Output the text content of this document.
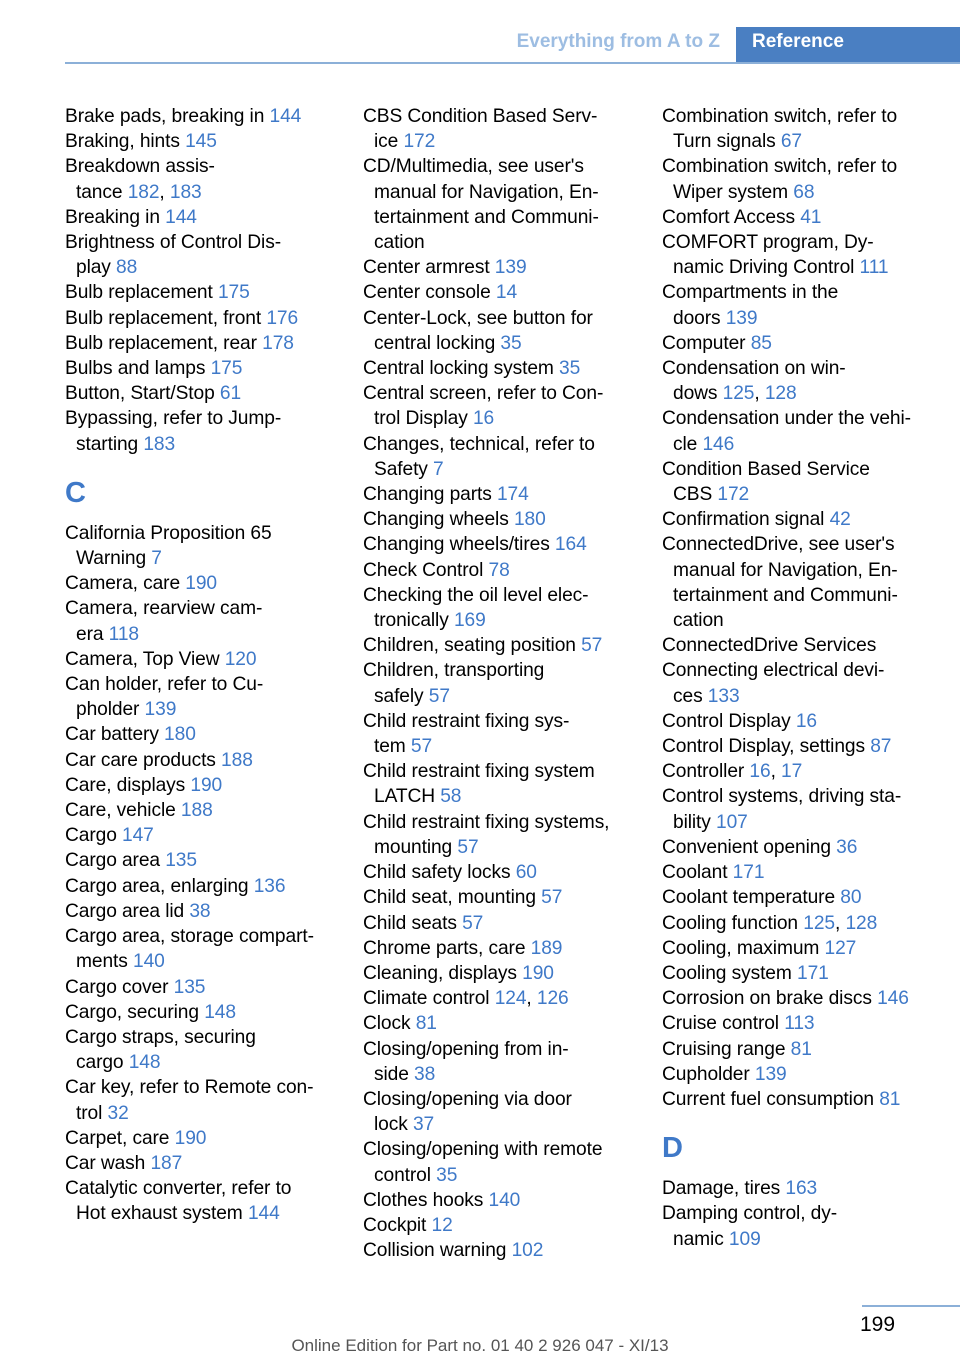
Everything from A to Z	Reference
Brake pads, breaking in 144
Braking, hints 145
Breakdown assis-
tance 182, 183
Breaking in 144
Brightness of Control Dis-
play 88
Bulb replacement 175
Bulb replacement, front 176
Bulb replacement, rear 178
Bulbs and lamps 175
Button, Start/Stop 61
Bypassing, refer to Jump-
starting 183
C
California Proposition 65
Warning 7
Camera, care 190
Camera, rearview cam-
era 118
Camera, Top View 120
Can holder, refer to Cu-
pholder 139
Car battery 180
Car care products 188
Care, displays 190
Care, vehicle 188
Cargo 147
Cargo area 135
Cargo area, enlarging 136
Cargo area lid 38
Cargo area, storage compart-
ments 140
Cargo cover 135
Cargo, securing 148
Cargo straps, securing
cargo 148
Car key, refer to Remote con-
trol 32
Carpet, care 190
Car wash 187
Catalytic converter, refer to
Hot exhaust system 144
CBS Condition Based Serv-
ice 172
CD/Multimedia, see user's
manual for Navigation, En-
tertainment and Communi-
cation
Center armrest 139
Center console 14
Center-Lock, see button for
central locking 35
Central locking system 35
Central screen, refer to Con-
trol Display 16
Changes, technical, refer to
Safety 7
Changing parts 174
Changing wheels 180
Changing wheels/tires 164
Check Control 78
Checking the oil level elec-
tronically 169
Children, seating position 57
Children, transporting
safely 57
Child restraint fixing sys-
tem 57
Child restraint fixing system
LATCH 58
Child restraint fixing systems,
mounting 57
Child safety locks 60
Child seat, mounting 57
Child seats 57
Chrome parts, care 189
Cleaning, displays 190
Climate control 124, 126
Clock 81
Closing/opening from in-
side 38
Closing/opening via door
lock 37
Closing/opening with remote
control 35
Clothes hooks 140
Cockpit 12
Collision warning 102
Combination switch, refer to
Turn signals 67
Combination switch, refer to
Wiper system 68
Comfort Access 41
COMFORT program, Dy-
namic Driving Control 111
Compartments in the
doors 139
Computer 85
Condensation on win-
dows 125, 128
Condensation under the vehi-
cle 146
Condition Based Service
CBS 172
Confirmation signal 42
ConnectedDrive, see user's
manual for Navigation, En-
tertainment and Communi-
cation
ConnectedDrive Services
Connecting electrical devi-
ces 133
Control Display 16
Control Display, settings 87
Controller 16, 17
Control systems, driving sta-
bility 107
Convenient opening 36
Coolant 171
Coolant temperature 80
Cooling function 125, 128
Cooling, maximum 127
Cooling system 171
Corrosion on brake discs 146
Cruise control 113
Cruising range 81
Cupholder 139
Current fuel consumption 81
D
Damage, tires 163
Damping control, dy-
namic 109
199
Online Edition for Part no. 01 40 2 926 047 - XI/13
